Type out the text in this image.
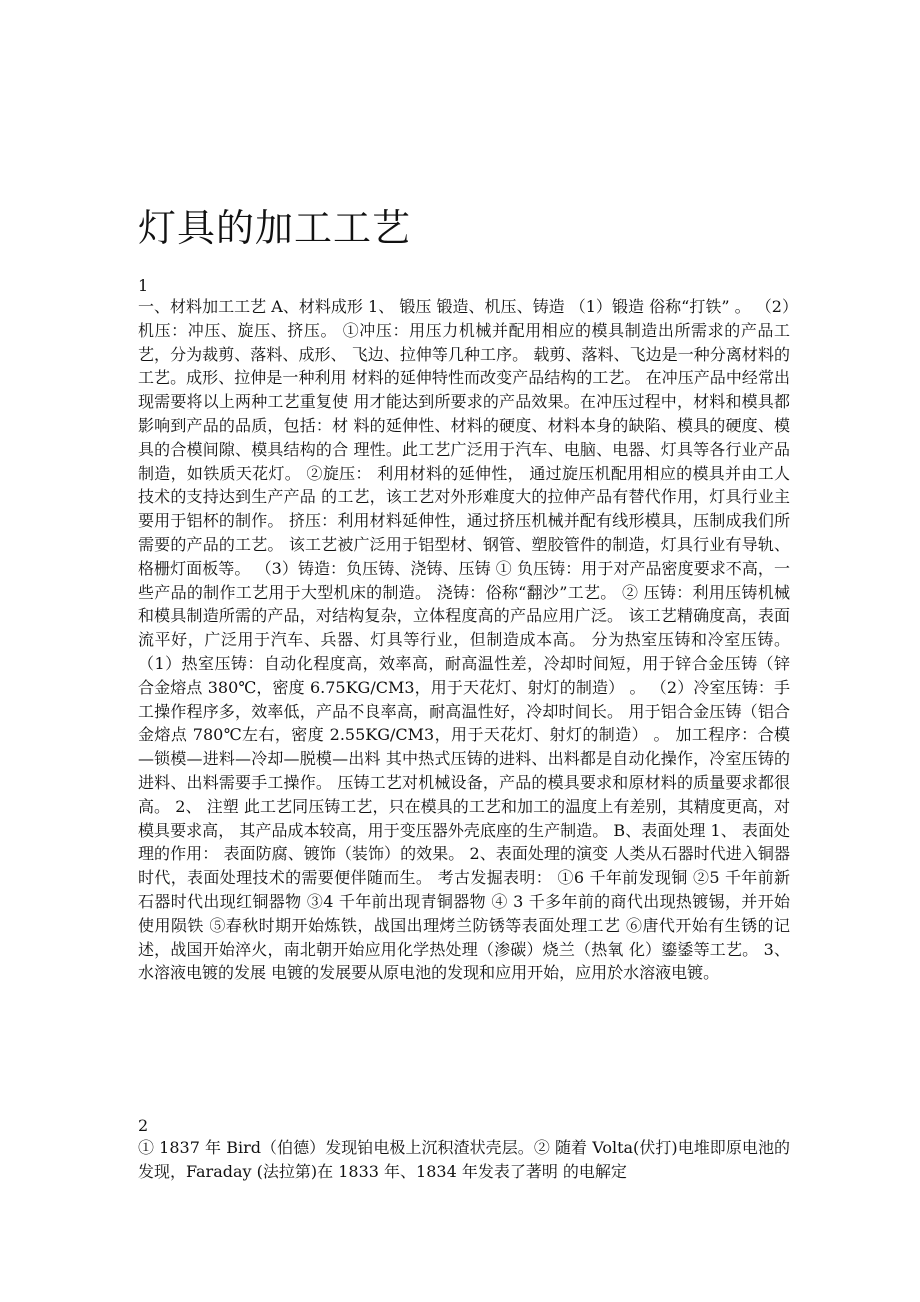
灯具的加工工艺
1

一、材料加工工艺 A、材料成形 1、 锻压 锻造、机压、铸造 （1）锻造 俗称“打铁” 。 （2）机压：冲压、旋压、挤压。 ①冲压：用压力机械并配用相应的模具制造出所需求的产品工艺，分为裁剪、落料、成形、 飞边、拉伸等几种工序。 载剪、落料、飞边是一种分离材料的工艺。成形、拉伸是一种利用 材料的延伸特性而改变产品结构的工艺。 在冲压产品中经常出现需要将以上两种工艺重复使 用才能达到所要求的产品效果。在冲压过程中，材料和模具都影响到产品的品质，包括：材 料的延伸性、材料的硬度、材料本身的缺陷、模具的硬度、模具的合模间隙、模具结构的合 理性。此工艺广泛用于汽车、电脑、电器、灯具等各行业产品制造，如铁质天花灯。 ②旋压： 利用材料的延伸性， 通过旋压机配用相应的模具并由工人技术的支持达到生产产品 的工艺，该工艺对外形难度大的拉伸产品有替代作用，灯具行业主要用于铝杯的制作。 挤压：利用材料延伸性，通过挤压机械并配有线形模具，压制成我们所需要的产品的工艺。 该工艺被广泛用于铝型材、钢管、塑胶管件的制造，灯具行业有导轨、格栅灯面板等。 （3）铸造：负压铸、浇铸、压铸 ① 负压铸：用于对产品密度要求不高，一些产品的制作工艺用于大型机床的制造。 浇铸：俗称“翻沙”工艺。 ② 压铸：利用压铸机械和模具制造所需的产品，对结构复杂，立体程度高的产品应用广泛。 该工艺精确度高，表面流平好，广泛用于汽车、兵器、灯具等行业，但制造成本高。 分为热室压铸和冷室压铸。 （1）热室压铸：自动化程度高，效率高，耐高温性差，冷却时间短，用于锌合金压铸（锌 合金熔点 380℃，密度 6.75KG/CM3，用于天花灯、射灯的制造） 。 （2）冷室压铸：手工操作程序多，效率低，产品不良率高，耐高温性好，冷却时间长。 用于铝合金压铸（铝合金熔点 780℃左右，密度 2.55KG/CM3，用于天花灯、射灯的制造） 。 加工程序：合模—锁模—进料—冷却—脱模—出料 其中热式压铸的进料、出料都是自动化操作，冷室压铸的进料、出料需要手工操作。 压铸工艺对机械设备，产品的模具要求和原材料的质量要求都很高。 2、 注塑 此工艺同压铸工艺，只在模具的工艺和加工的温度上有差别，其精度更高，对模具要求高， 其产品成本较高，用于变压器外壳底座的生产制造。 B、表面处理 1、 表面处理的作用： 表面防腐、镀饰（装饰）的效果。 2、表面处理的演变 人类从石器时代进入铜器时代，表面处理技术的需要便伴随而生。 考古发掘表明： ①6 千年前发现铜 ②5 千年前新石器时代出现红铜器物 ③4 千年前出现青铜器物 ④ 3 千多年前的商代出现热镀锡，并开始使用陨铁 ⑤春秋时期开始炼铁，战国出理烤兰防锈等表面处理工艺 ⑥唐代开始有生锈的记述，战国开始淬火，南北朝开始应用化学热处理（渗碳）烧兰（热氧 化）鎏鋈等工艺。 3、水溶液电镀的发展 电镀的发展要从原电池的发现和应用开始，应用於水溶液电镀。

2

① 1837 年 Bird（伯德）发现铂电极上沉积渣状壳层。② 随着 Volta(伏打)电堆即原电池的发现，Faraday (法拉第)在 1833 年、1834 年发表了著明 的电解定
